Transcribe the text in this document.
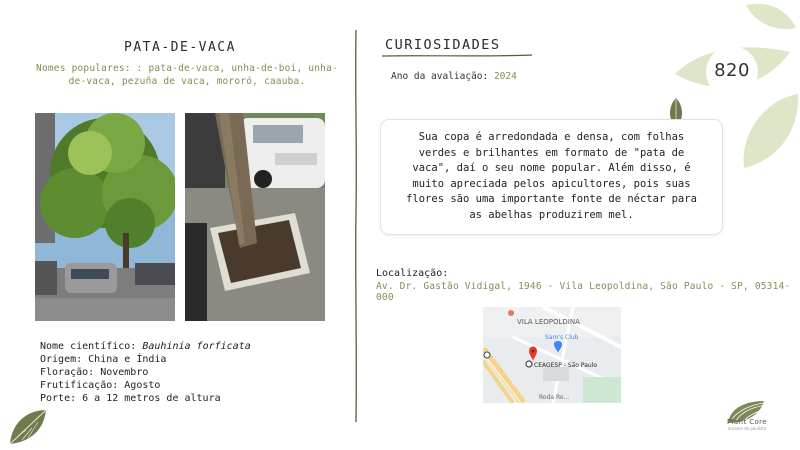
PATA-DE-VACA
Nomes populares: : pata-de-vaca, unha-de-boi, unha-de-vaca, pezuña de vaca, mororó, caauba.
Nome científico: Bauhinia forficata
Origem: China e Índia
Floração: Novembro
Frutificação: Agosto
Porte: 6 a 12 metros de altura
CURIOSIDADES
Ano da avaliação: 2024	820
Sua copa é arredondada e densa, com folhas verdes e brilhantes em formato de "pata de vaca", daí o seu nome popular. Além disso, é muito apreciada pelos apicultores, pois suas flores são uma importante fonte de néctar para as abelhas produzirem mel.
Localização:
Av. Dr. Gastão Vidigal, 1946 - Vila Leopoldina, São Paulo - SP, 05314-000
VILA LEOPOLDINA
Sam's Club
CEAGESP - São Paulo
Roda Ro...
Plant Core
árvores de paulista
